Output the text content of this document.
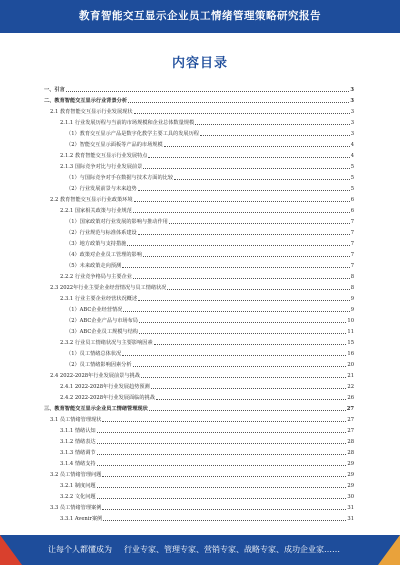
教育智能交互显示企业员工情绪管理策略研究报告
内容目录
一、引言	3
二、教育智能交互显示行业背景分析	3
2.1 教育智能交互显示行业发展现状	3
2.1.1 行业发展历程与当前的市场规模和企业总体数量规模	3
（1）教育交互显示产品是数字化教学主要工具的发展历程	3
（2）智能交互显示面板等产品的市场规模	4
2.1.2 教育智能交互显示行业发展特点	4
2.1.3 国际竞争对比与行业发展前景	5
（1）与国际竞争对手在数据与技术方面的比较	5
（2）行业发展前景与未来趋势	5
2.2 教育智能交互显示行业政策环境	6
2.2.1 国家相关政策与行业规范	6
（1）国家政策对行业发展的影响与推动作用	7
（2）行业规范与标准体系建设	7
（3）地方政策与支持措施	7
（4）政策对企业员工管理的影响	7
（5）未来政策走向预测	7
2.2.2 行业竞争格局与主要企业	8
2.3 2022年行业主要企业经营情况与员工情绪状况	8
2.3.1 行业主要企业经营状况概述	9
（1）ABC企业经营情况	9
（2）ABC企业产品与市场布局	10
（3）ABC企业员工规模与结构	11
2.3.2 行业员工情绪状况与主要影响因素	15
（1）员工情绪总体状况	16
（2）员工情绪影响因素分析	20
2.4 2022-2028年行业发展前景与挑战	21
2.4.1 2022-2028年行业发展趋势预测	22
2.4.2 2022-2028年行业发展面临的挑战	26
三、教育智能交互显示企业员工情绪管理现状	27
3.1 员工情绪管理现状	27
3.1.1 情绪认知	27
3.1.2 情绪表达	28
3.1.3 情绪调节	28
3.1.4 情绪支持	29
3.2 员工情绪管理问题	29
3.2.1 制度问题	29
3.2.2 文化问题	30
3.3 员工情绪管理案例	31
3.3.1 Avenir案例	31
让每个人都懂成为 行业专家、管理专家、营销专家、战略专家、成功企业家……
